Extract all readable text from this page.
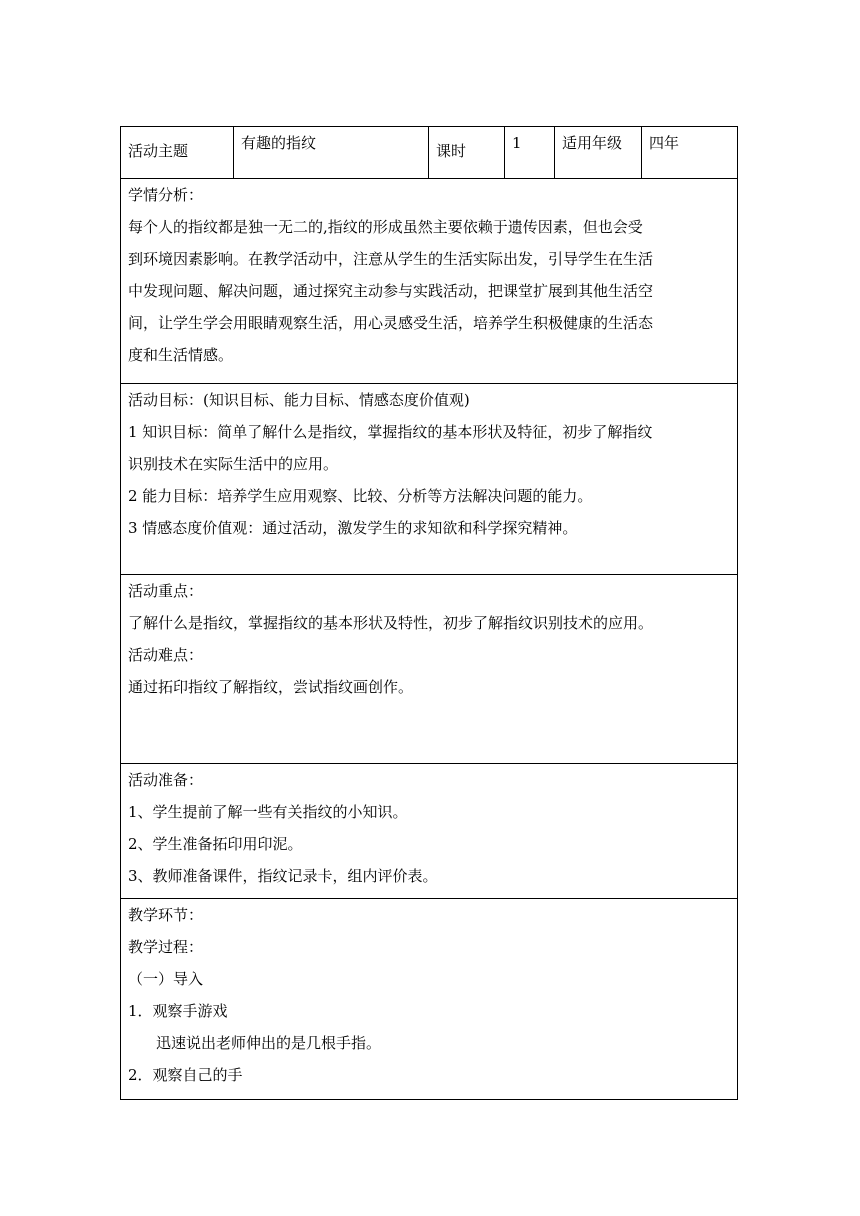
活动主题	有趣的指纹	课时	1	适用年级	四年

学情分析：
每个人的指纹都是独一无二的,指纹的形成虽然主要依赖于遗传因素，但也会受
到环境因素影响。在教学活动中，注意从学生的生活实际出发，引导学生在生活
中发现问题、解决问题，通过探究主动参与实践活动，把课堂扩展到其他生活空
间，让学生学会用眼睛观察生活，用心灵感受生活，培养学生积极健康的生活态
度和生活情感。

活动目标：(知识目标、能力目标、情感态度价值观)
1 知识目标：简单了解什么是指纹，掌握指纹的基本形状及特征，初步了解指纹
识别技术在实际生活中的应用。
2 能力目标：培养学生应用观察、比较、分析等方法解决问题的能力。
3 情感态度价值观：通过活动，激发学生的求知欲和科学探究精神。

活动重点：
了解什么是指纹，掌握指纹的基本形状及特性，初步了解指纹识别技术的应用。
活动难点：
通过拓印指纹了解指纹，尝试指纹画创作。

活动准备：
1、学生提前了解一些有关指纹的小知识。
2、学生准备拓印用印泥。
3、教师准备课件，指纹记录卡，组内评价表。

教学环节：
教学过程：
（一）导入
1．观察手游戏
迅速说出老师伸出的是几根手指。
2．观察自己的手
